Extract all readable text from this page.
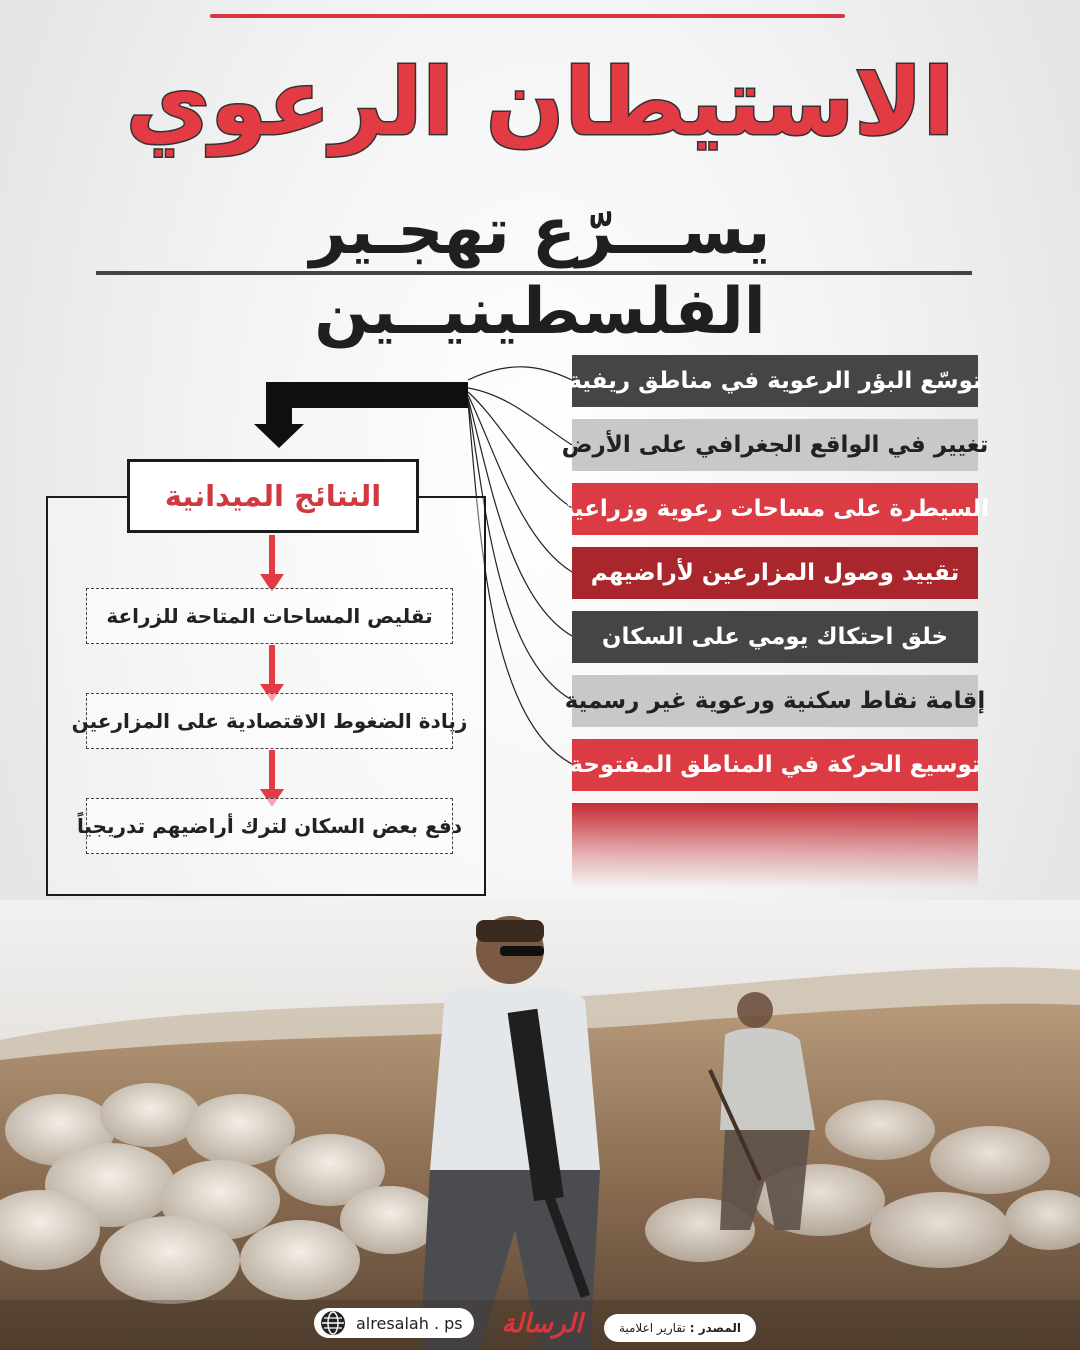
الاستيطان الرعوي
يســـرّع تهجـير الفلسطينيــين
توسّع البؤر الرعوية في مناطق ريفية
تغيير في الواقع الجغرافي على الأرض
السيطرة على مساحات رعوية وزراعية
تقييد وصول المزارعين لأراضيهم
خلق احتكاك يومي على السكان
إقامة نقاط سكنية ورعوية غير رسمية
توسيع الحركة في المناطق المفتوحة
النتائج الميدانية
تقليص المساحات المتاحة للزراعة
زيادة الضغوط الاقتصادية على المزارعين
دفع بعض السكان لترك أراضيهم تدريجياً
المصدر :
تقارير اعلامية
الرسالة
alresalah . ps
